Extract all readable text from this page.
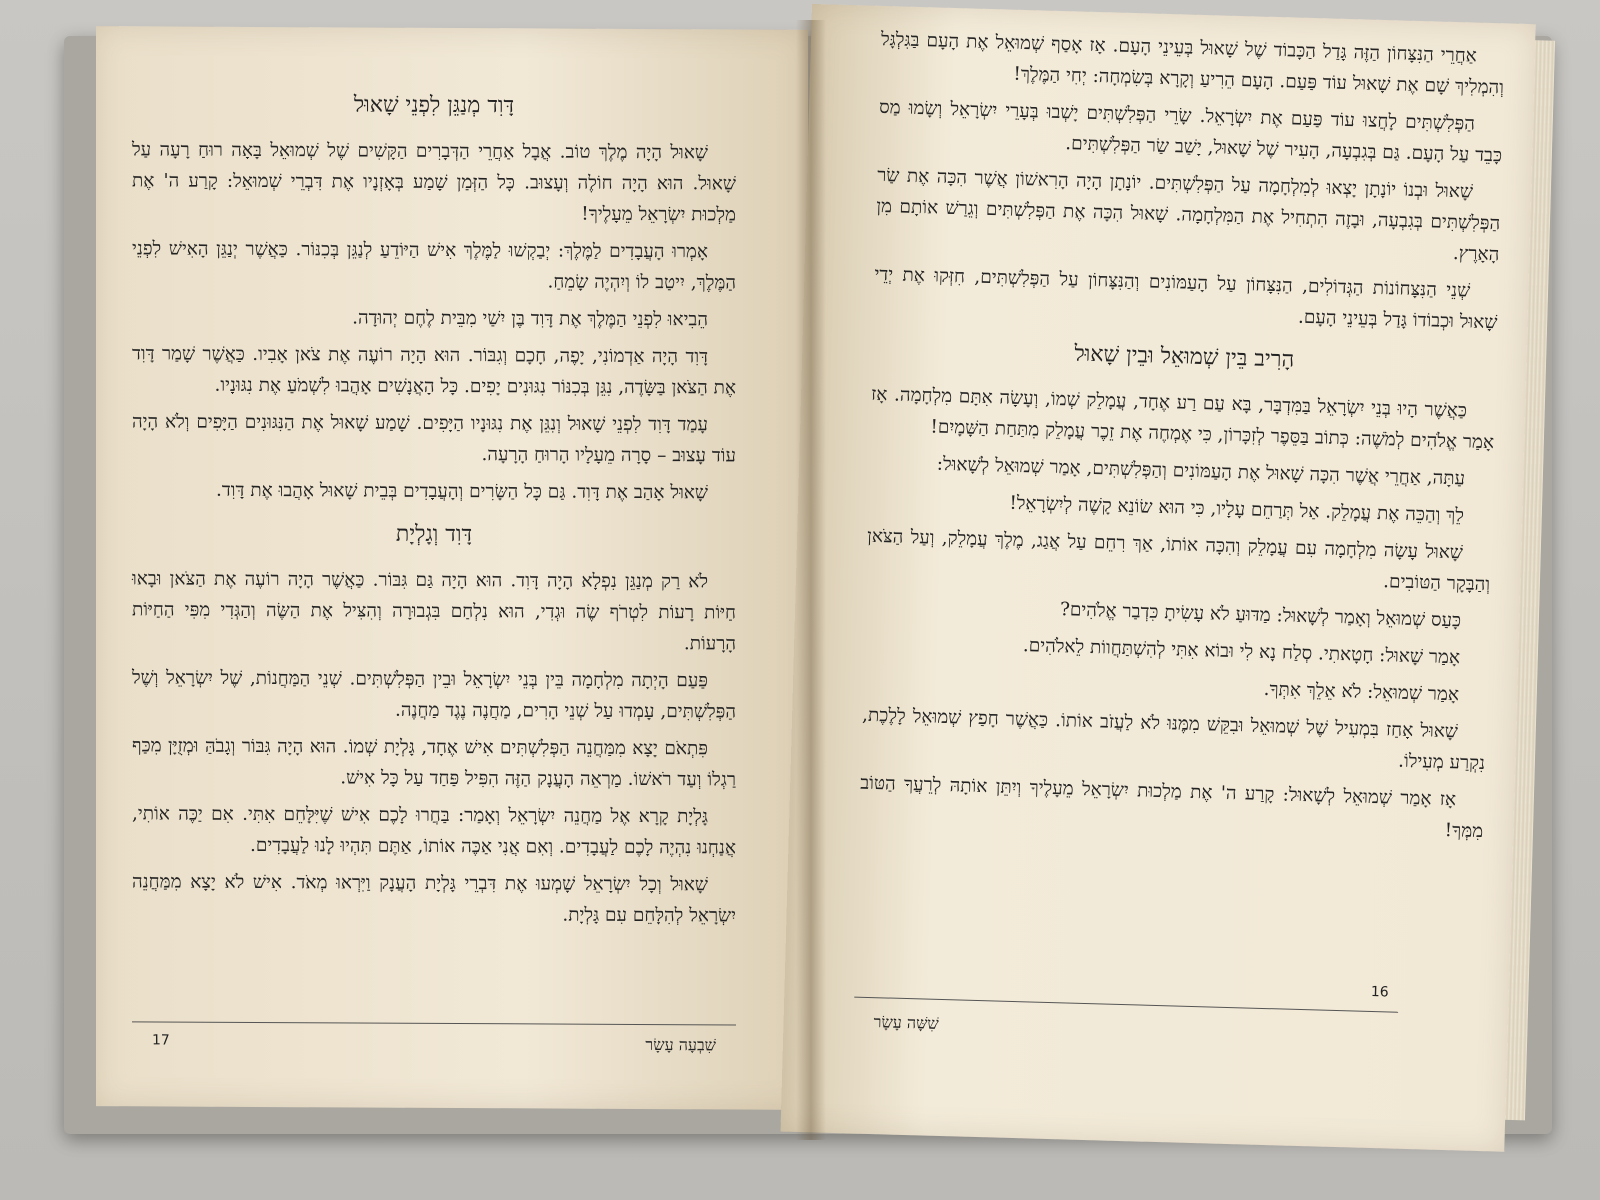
דָּוִד מְנַגֵּן לִפְנֵי שָׁאוּל

שָׁאוּל הָיָה מֶלֶךְ טוֹב. אֲבָל אַחֲרֵי הַדְּבָרִים הַקָּשִׁים שֶׁל שְׁמוּאֵל בָּאָה רוּחַ רָעָה עַל שָׁאוּל. הוּא הָיָה חוֹלֶה וְעָצוּב. כָּל הַזְּמַן שָׁמַע בְּאָזְנָיו אֶת דִּבְרֵי שְׁמוּאֵל: קָרַע ה' אֶת מַלְכוּת יִשְׂרָאֵל מֵעָלֶיךָ!

אָמְרוּ הָעֲבָדִים לַמֶּלֶךְ: יְבַקְשׁוּ לַמֶּלֶךְ אִישׁ הַיּוֹדֵעַ לְנַגֵּן בְּכִנּוֹר. כַּאֲשֶׁר יְנַגֵּן הָאִישׁ לִפְנֵי הַמֶּלֶךְ, יִיטַב לוֹ וְיִהְיֶה שָׂמֵחַ.

הֵבִיאוּ לִפְנֵי הַמֶּלֶךְ אֶת דָּוִד בֶּן יִשַׁי מִבֵּית לֶחֶם יְהוּדָה.

דָּוִד הָיָה אַדְמוֹנִי, יָפֶה, חָכָם וְגִבּוֹר. הוּא הָיָה רוֹעֶה אֶת צֹאן אָבִיו. כַּאֲשֶׁר שָׁמַר דָּוִד אֶת הַצֹּאן בַּשָּׂדֶה, נִגֵּן בְּכִנּוֹר נִגּוּנִים יָפִים. כָּל הָאֲנָשִׁים אָהֲבוּ לִשְׁמֹעַ אֶת נִגּוּנָיו.

עָמַד דָּוִד לִפְנֵי שָׁאוּל וְנִגֵּן אֶת נִגּוּנָיו הַיָּפִים. שָׁמַע שָׁאוּל אֶת הַנִּגּוּנִים הַיָּפִים וְלֹא הָיָה עוֹד עָצוּב – סָרָה מֵעָלָיו הָרוּחַ הָרָעָה.

שָׁאוּל אָהַב אֶת דָּוִד. גַּם כָּל הַשָּׂרִים וְהָעֲבָדִים בְּבֵית שָׁאוּל אָהֲבוּ אֶת דָּוִד.

דָּוִד וְגָלְיָת

לֹא רַק מְנַגֵּן נִפְלָא הָיָה דָּוִד. הוּא הָיָה גַּם גִּבּוֹר. כַּאֲשֶׁר הָיָה רוֹעֶה אֶת הַצֹּאן וּבָאוּ חַיּוֹת רָעוֹת לִטְרֹף שֶׂה וּגְדִי, הוּא נִלְחַם בִּגְבוּרָה וְהִצִּיל אֶת הַשֶּׂה וְהַגְּדִי מִפִּי הַחַיּוֹת הָרָעוֹת.

פַּעַם הָיְתָה מִלְחָמָה בֵּין בְּנֵי יִשְׂרָאֵל וּבֵין הַפְּלִשְׁתִּים. שְׁנֵי הַמַּחֲנוֹת, שֶׁל יִשְׂרָאֵל וְשֶׁל הַפְּלִשְׁתִּים, עָמְדוּ עַל שְׁנֵי הָרִים, מַחֲנֶה נֶגֶד מַחֲנֶה.

פִּתְאֹם יָצָא מִמַּחֲנֵה הַפְּלִשְׁתִּים אִישׁ אֶחָד, גָּלְיָת שְׁמוֹ. הוּא הָיָה גִּבּוֹר וְגָבֹהַּ וּמְזֻיָּן מִכַּף רַגְלוֹ וְעַד רֹאשׁוֹ. מַרְאֵה הָעֲנָק הַזֶּה הִפִּיל פַּחַד עַל כָּל אִישׁ.

גָּלְיָת קָרָא אֶל מַחֲנֵה יִשְׂרָאֵל וְאָמַר: בַּחֲרוּ לָכֶם אִישׁ שֶׁיִּלָּחֵם אִתִּי. אִם יַכֶּה אוֹתִי, אֲנַחְנוּ נִהְיֶה לָכֶם לַעֲבָדִים. וְאִם אֲנִי אַכֶּה אוֹתוֹ, אַתֶּם תִּהְיוּ לָנוּ לַעֲבָדִים.

שָׁאוּל וְכָל יִשְׂרָאֵל שָׁמְעוּ אֶת דִּבְרֵי גָּלְיָת הָעֲנָק וַיִּרְאוּ מְאֹד. אִישׁ לֹא יָצָא מִמַּחֲנֵה יִשְׂרָאֵל לְהִלָּחֵם עִם גָּלְיָת.

17	שִׁבְעָה עָשָׂר

אַחֲרֵי הַנִּצָּחוֹן הַזֶּה גָּדַל הַכָּבוֹד שֶׁל שָׁאוּל בְּעֵינֵי הָעָם. אָז אָסַף שְׁמוּאֵל אֶת הָעָם בַּגִּלְגָּל וְהִמְלִיךְ שָׁם אֶת שָׁאוּל עוֹד פַּעַם. הָעָם הֵרִיעַ וְקָרָא בְּשִׂמְחָה: יְחִי הַמֶּלֶךְ!

הַפְּלִשְׁתִּים לָחֲצוּ עוֹד פַּעַם אֶת יִשְׂרָאֵל. שָׂרֵי הַפְּלִשְׁתִּים יָשְׁבוּ בְּעָרֵי יִשְׂרָאֵל וְשָׂמוּ מַס כָּבֵד עַל הָעָם. גַּם בְּגִבְעָה, הָעִיר שֶׁל שָׁאוּל, יָשַׁב שַׂר הַפְּלִשְׁתִּים.

שָׁאוּל וּבְנוֹ יוֹנָתָן יָצְאוּ לְמִלְחָמָה עַל הַפְּלִשְׁתִּים. יוֹנָתָן הָיָה הָרִאשׁוֹן אֲשֶׁר הִכָּה אֶת שַׂר הַפְּלִשְׁתִּים בְּגִבְעָה, וּבָזֶה הִתְחִיל אֶת הַמִּלְחָמָה. שָׁאוּל הִכָּה אֶת הַפְּלִשְׁתִּים וְגֵרַשׁ אוֹתָם מִן הָאָרֶץ.

שְׁנֵי הַנִּצָּחוֹנוֹת הַגְּדוֹלִים, הַנִּצָּחוֹן עַל הָעַמּוֹנִים וְהַנִּצָּחוֹן עַל הַפְּלִשְׁתִּים, חִזְּקוּ אֶת יְדֵי שָׁאוּל וּכְבוֹדוֹ גָּדַל בְּעֵינֵי הָעָם.

הָרִיב בֵּין שְׁמוּאֵל וּבֵין שָׁאוּל

כַּאֲשֶׁר הָיוּ בְּנֵי יִשְׂרָאֵל בַּמִּדְבָּר, בָּא עַם רַע אֶחָד, עֲמָלֵק שְׁמוֹ, וְעָשָׂה אִתָּם מִלְחָמָה. אָז אָמַר אֱלֹהִים לְמֹשֶׁה: כְּתוֹב בַּסֵּפֶר לְזִכָּרוֹן, כִּי אֶמְחֶה אֶת זֵכֶר עֲמָלֵק מִתַּחַת הַשָּׁמָיִם!

עַתָּה, אַחֲרֵי אֲשֶׁר הִכָּה שָׁאוּל אֶת הָעַמּוֹנִים וְהַפְּלִשְׁתִּים, אָמַר שְׁמוּאֵל לְשָׁאוּל:

לֵךְ וְהַכֵּה אֶת עֲמָלֵק. אַל תְּרַחֵם עָלָיו, כִּי הוּא שׂוֹנֵא קָשֶׁה לְיִשְׂרָאֵל!

שָׁאוּל עָשָׂה מִלְחָמָה עִם עֲמָלֵק וְהִכָּה אוֹתוֹ, אַךְ רִחֵם עַל אֲגַג, מֶלֶךְ עֲמָלֵק, וְעַל הַצֹּאן וְהַבָּקָר הַטּוֹבִים.

כָּעַס שְׁמוּאֵל וְאָמַר לְשָׁאוּל: מַדּוּעַ לֹא עָשִׂיתָ כִּדְבַר אֱלֹהִים?

אָמַר שָׁאוּל: חָטָאתִי. סְלַח נָא לִי וּבוֹא אִתִּי לְהִשְׁתַּחֲווֹת לֵאלֹהִים.

אָמַר שְׁמוּאֵל: לֹא אֵלֵךְ אִתְּךָ.

שָׁאוּל אָחַז בִּמְעִיל שֶׁל שְׁמוּאֵל וּבִקֵּשׁ מִמֶּנּוּ לֹא לַעֲזֹב אוֹתוֹ. כַּאֲשֶׁר חָפַץ שְׁמוּאֵל לָלֶכֶת, נִקְרַע מְעִילוֹ.

אָז אָמַר שְׁמוּאֵל לְשָׁאוּל: קָרַע ה' אֶת מַלְכוּת יִשְׂרָאֵל מֵעָלֶיךָ וְיִתֵּן אוֹתָהּ לְרֵעֲךָ הַטּוֹב מִמְּךָ!

16
שִׁשָּׁה עָשָׂר
